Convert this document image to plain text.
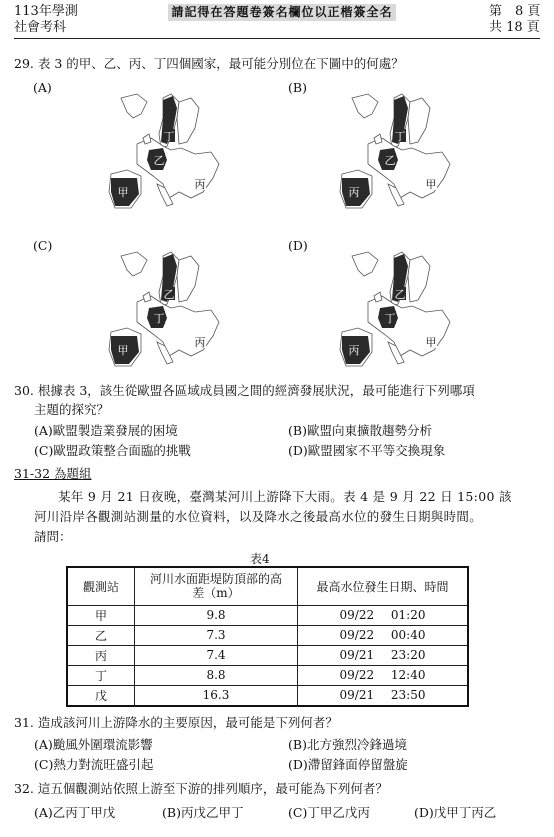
113年學測
社會考科
請記得在答題卷簽名欄位以正楷簽全名	第　8 頁
共 18 頁
29. 表 3 的甲、乙、丙、丁四個國家，最可能分別位在下圖中的何處？
(A)	(B)
(C)	(D)
丁
乙
甲
丙
丁
乙
丙
甲
乙
丁
甲
丙
乙
丁
丙
甲
30. 根據表 3，該生從歐盟各區域成員國之間的經濟發展狀況，最可能進行下列哪項
主題的探究？
(A)歐盟製造業發展的困境	(B)歐盟向東擴散趨勢分析
(C)歐盟政策整合面臨的挑戰	(D)歐盟國家不平等交換現象
31-32 為題組
某年 9 月 21 日夜晚，臺灣某河川上游降下大雨。表 4 是 9 月 22 日 15:00 該
河川沿岸各觀測站測量的水位資料，以及降水之後最高水位的發生日期與時間。
請問：
表4
觀測站	河川水面距堤防頂部的高差（m）	最高水位發生日期、時間
甲	9.8	09/22 01:20
乙	7.3	09/22 00:40
丙	7.4	09/21 23:20
丁	8.8	09/22 12:40
戊	16.3	09/21 23:50
31. 造成該河川上游降水的主要原因，最可能是下列何者？
(A)颱風外圍環流影響	(B)北方強烈冷鋒過境
(C)熱力對流旺盛引起	(D)滯留鋒面停留盤旋
32. 這五個觀測站依照上游至下游的排列順序，最可能為下列何者？
(A)乙丙丁甲戊	(B)丙戊乙甲丁	(C)丁甲乙戊丙	(D)戊甲丁丙乙
